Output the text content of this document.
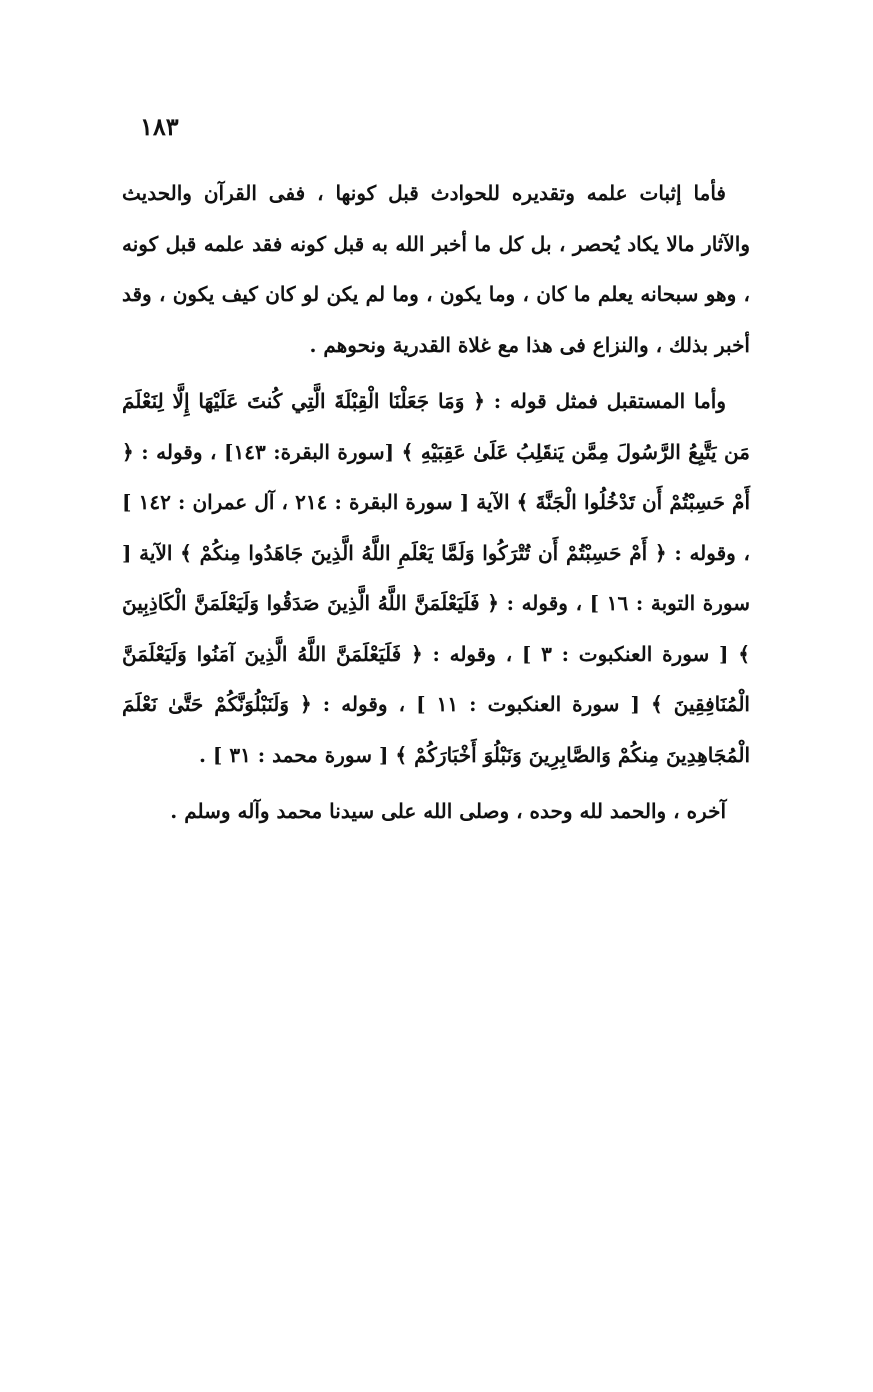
١٨٣

فأما إثبات علمه وتقديره للحوادث قبل كونها ، ففى القرآن والحديث والآثار مالا يكاد يُحصر ، بل كل ما أخبر الله به قبل كونه فقد علمه قبل كونه ، وهو سبحانه يعلم ما كان ، وما يكون ، وما لم يكن لو كان كيف يكون ، وقد أخبر بذلك ، والنزاع فى هذا مع غلاة القدرية ونحوهم .

وأما المستقبل فمثل قوله : ﴿ وَمَا جَعَلْنَا الْقِبْلَةَ الَّتِي كُنتَ عَلَيْهَا إِلَّا لِنَعْلَمَ مَن يَتَّبِعُ الرَّسُولَ مِمَّن يَنقَلِبُ عَلَىٰ عَقِبَيْهِ ﴾ [سورة البقرة: ١٤٣] ، وقوله : ﴿ أَمْ حَسِبْتُمْ أَن تَدْخُلُوا الْجَنَّةَ ﴾ الآية [ سورة البقرة : ٢١٤ ، آل عمران : ١٤٢ ] ، وقوله : ﴿ أَمْ حَسِبْتُمْ أَن تُتْرَكُوا وَلَمَّا يَعْلَمِ اللَّهُ الَّذِينَ جَاهَدُوا مِنكُمْ ﴾ الآية [ سورة التوبة : ١٦ ] ، وقوله : ﴿ فَلَيَعْلَمَنَّ اللَّهُ الَّذِينَ صَدَقُوا وَلَيَعْلَمَنَّ الْكَاذِبِينَ ﴾ [ سورة العنكبوت : ٣ ] ، وقوله : ﴿ فَلَيَعْلَمَنَّ اللَّهُ الَّذِينَ آمَنُوا وَلَيَعْلَمَنَّ الْمُنَافِقِينَ ﴾ [ سورة العنكبوت : ١١ ] ، وقوله : ﴿ وَلَنَبْلُوَنَّكُمْ حَتَّىٰ نَعْلَمَ الْمُجَاهِدِينَ مِنكُمْ وَالصَّابِرِينَ وَنَبْلُوَ أَخْبَارَكُمْ ﴾ [ سورة محمد : ٣١ ] .

آخره ، والحمد لله وحده ، وصلى الله على سيدنا محمد وآله وسلم .
